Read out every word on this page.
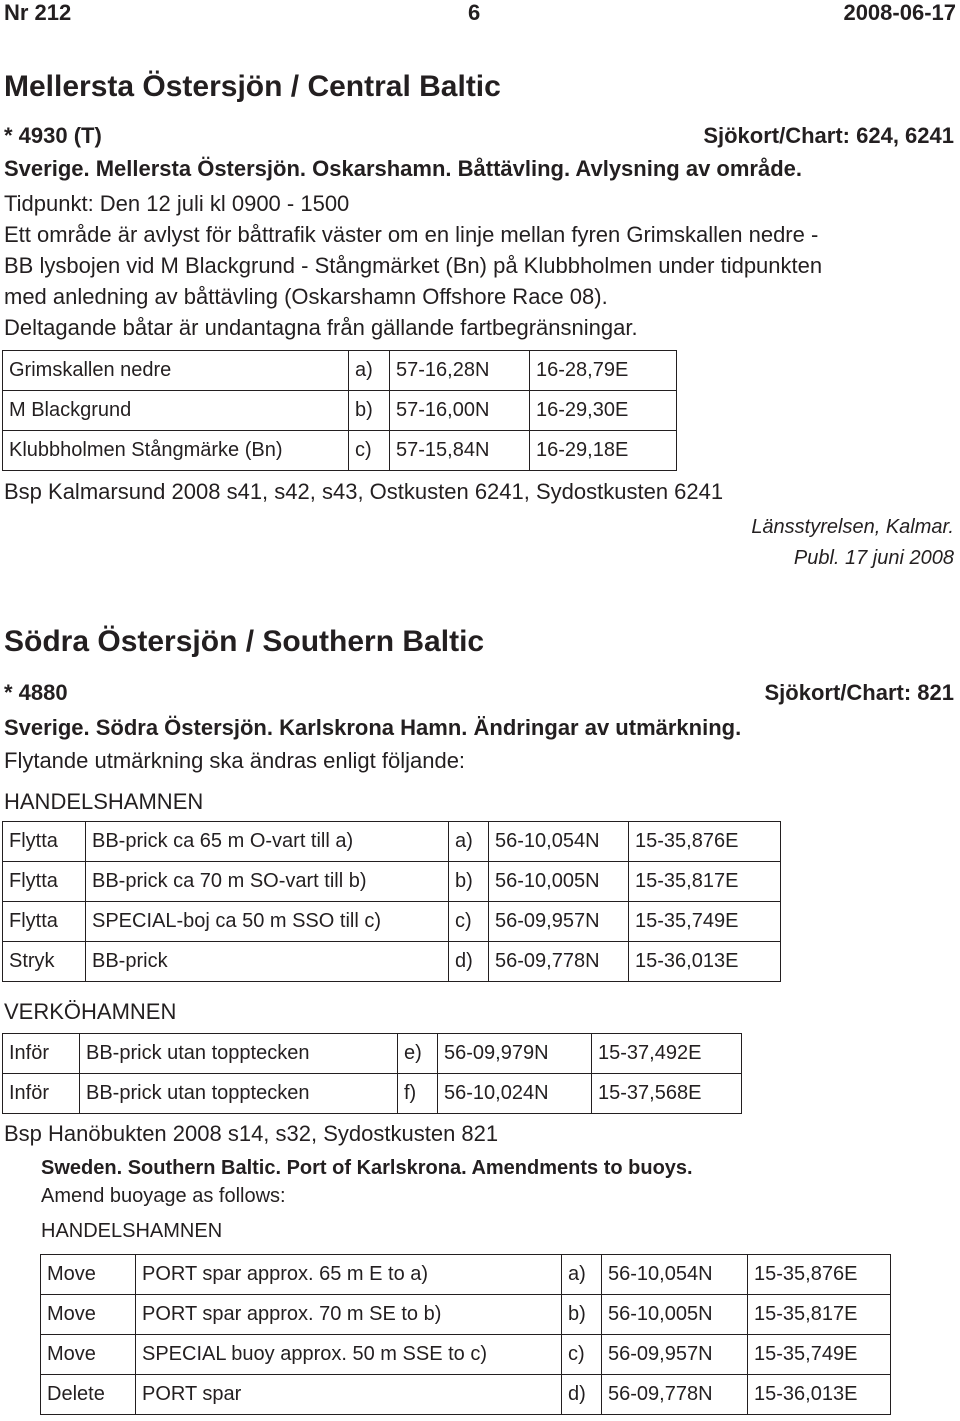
Nr 212	6	2008-06-17
Mellersta Östersjön / Central Baltic
* 4930 (T)	Sjökort/Chart: 624, 6241
Sverige. Mellersta Östersjön. Oskarshamn. Båttävling. Avlysning av område.
Tidpunkt: Den 12 juli kl 0900 - 1500
Ett område är avlyst för båttrafik väster om en linje mellan fyren Grimskallen nedre -
BB lysbojen vid M Blackgrund - Stångmärket (Bn) på Klubbholmen under tidpunkten
med anledning av båttävling (Oskarshamn Offshore Race 08).
Deltagande båtar är undantagna från gällande fartbegränsningar.
Grimskallen nedre	a)	57-16,28N	16-28,79E
M Blackgrund	b)	57-16,00N	16-29,30E
Klubbholmen Stångmärke (Bn)	c)	57-15,84N	16-29,18E
Bsp Kalmarsund 2008 s41, s42, s43, Ostkusten 6241, Sydostkusten 6241
Länsstyrelsen, Kalmar.
Publ. 17 juni 2008
Södra Östersjön / Southern Baltic
* 4880	Sjökort/Chart: 821
Sverige. Södra Östersjön. Karlskrona Hamn. Ändringar av utmärkning.
Flytande utmärkning ska ändras enligt följande:
HANDELSHAMNEN
Flytta	BB-prick ca 65 m O-vart till a)	a)	56-10,054N	15-35,876E
Flytta	BB-prick ca 70 m SO-vart till b)	b)	56-10,005N	15-35,817E
Flytta	SPECIAL-boj ca 50 m SSO till c)	c)	56-09,957N	15-35,749E
Stryk	BB-prick	d)	56-09,778N	15-36,013E
VERKÖHAMNEN
Inför	BB-prick utan topptecken	e)	56-09,979N	15-37,492E
Inför	BB-prick utan topptecken	f)	56-10,024N	15-37,568E
Bsp Hanöbukten 2008 s14, s32, Sydostkusten 821
Sweden. Southern Baltic. Port of Karlskrona. Amendments to buoys.
Amend buoyage as follows:
HANDELSHAMNEN
Move	PORT spar approx. 65 m E to a)	a)	56-10,054N	15-35,876E
Move	PORT spar approx. 70 m SE to b)	b)	56-10,005N	15-35,817E
Move	SPECIAL buoy approx. 50 m SSE to c)	c)	56-09,957N	15-35,749E
Delete	PORT spar	d)	56-09,778N	15-36,013E
